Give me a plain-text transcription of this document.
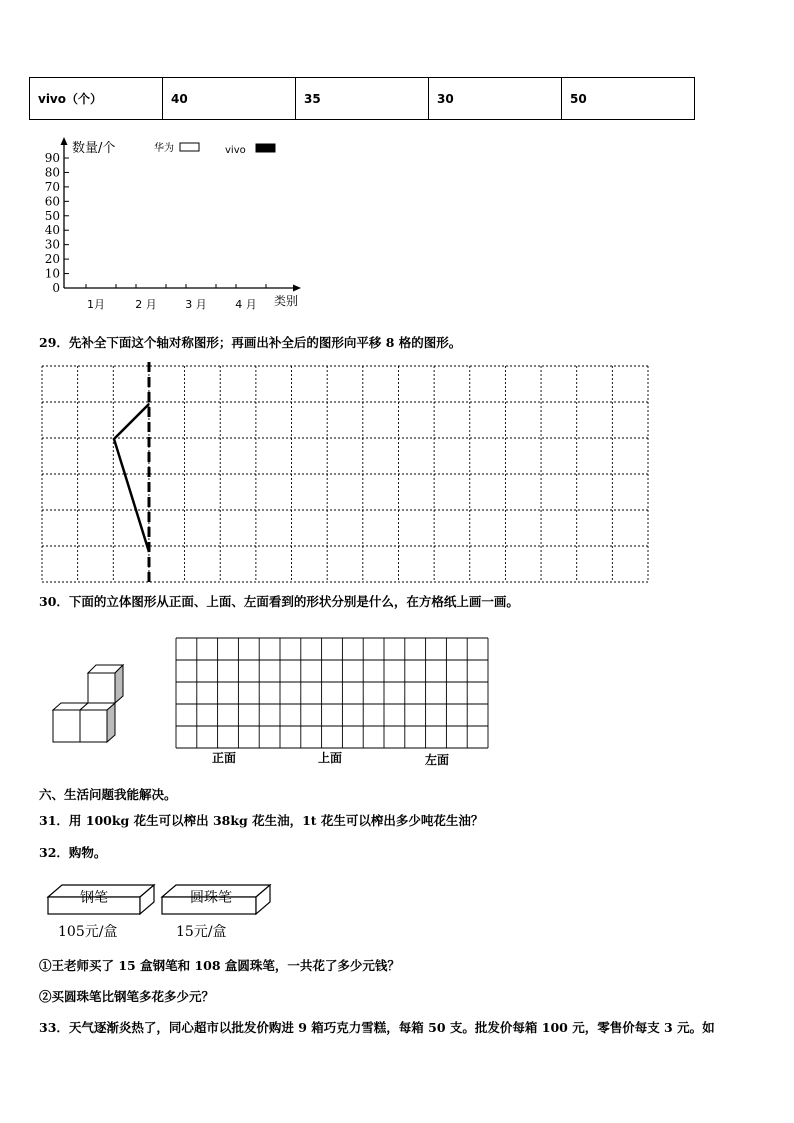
vivo（个）	40	35	30	50
90
80
70
60
50
40
30
20
10
0
1月	2 月	3 月	4 月
数量/个
类别
华为	vivo
29．先补全下面这个轴对称图形；再画出补全后的图形向平移 8 格的图形。
30．下面的立体图形从正面、上面、左面看到的形状分别是什么，在方格纸上画一画。
正面	上面	左面
六、生活问题我能解决。
31．用 100kg 花生可以榨出 38kg 花生油，1t 花生可以榨出多少吨花生油？
32．购物。
钢笔	圆珠笔
105元/盒	15元/盒
①王老师买了 15 盒钢笔和 108 盒圆珠笔，一共花了多少元钱？
②买圆珠笔比钢笔多花多少元？
33．天气逐渐炎热了，同心超市以批发价购进 9 箱巧克力雪糕，每箱 50 支。批发价每箱 100 元，零售价每支 3 元。如
